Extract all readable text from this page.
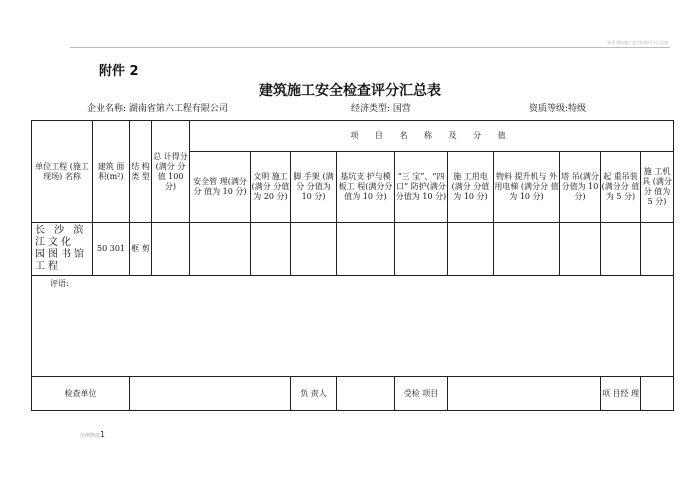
第 4 建筑施工安全检查评分汇总表
附件 2
建筑施工安全检查评分汇总表
企业名称: 湖南省第六工程有限公司	经济类型: 国营	资质等级:特级
单位工程 (施工现场) 名称	建筑 面 积(m²)	结 构 类 型	总 计得分 (满分 分值 100 分)	项 目 名 称 及 分 值									
				安全管 理(满分分 值为 10 分)	文明 施工 (满分 分值为 20 分)	脚 手架 (满分 分值为 10 分)	基坑支 护与模板工 程(满分分 值为 10 分)	“三 宝”、“四口” 防护(满分 分值为 10 分)	施 工用电 (满分 分值为 10 分)	物料 提升机与 外用电梯 (满分分 值为 10 分)	塔 吊(满分 分值为 10 分)	起 重吊装 (满分分 值为 5 分)	施 工机具 (满分分 值为 5 分)
长 沙 滨江文化 园图书馆 工程	50 301	框 剪											
评语:													
检查单位						负 责人		受检 项目				项 目经 理	
范例修改1
